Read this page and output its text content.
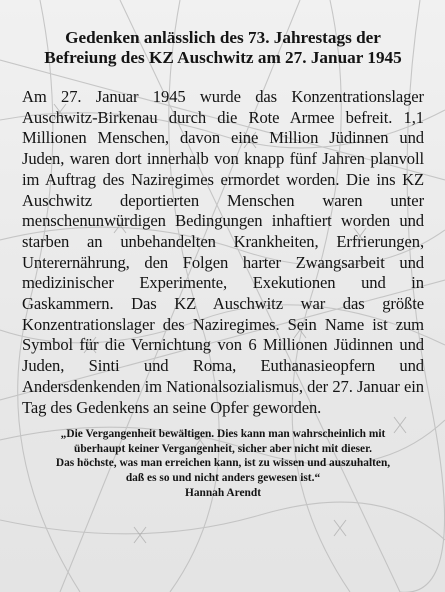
Gedenken anlässlich des 73. Jahrestags der
Befreiung des KZ Auschwitz am 27. Januar 1945

Am 27. Januar 1945 wurde das Konzentrationslager Auschwitz-Birkenau durch die Rote Armee befreit. 1,1 Millionen Menschen, davon eine Million Jüdinnen und Juden, waren dort innerhalb von knapp fünf Jahren planvoll im Auftrag des Naziregimes ermordet worden. Die ins KZ Auschwitz deportierten Menschen waren unter menschenunwürdigen Bedingungen inhaftiert worden und starben an unbehandelten Krankheiten, Erfrierungen, Unterernährung, den Folgen harter Zwangsarbeit und medizinischer Experimente, Exekutionen und in Gaskammern. Das KZ Auschwitz war das größte Konzentrationslager des Naziregimes. Sein Name ist zum Symbol für die Vernichtung von 6 Millionen Jüdinnen und Juden, Sinti und Roma, Euthanasieopfern und Andersdenkenden im Nationalsozialismus, der 27. Januar ein Tag des Gedenkens an seine Opfer geworden.

„Die Vergangenheit bewältigen. Dies kann man wahrscheinlich mit
überhaupt keiner Vergangenheit, sicher aber nicht mit dieser.
Das höchste, was man erreichen kann, ist zu wissen und auszuhalten,
daß es so und nicht anders gewesen ist.“
Hannah Arendt
